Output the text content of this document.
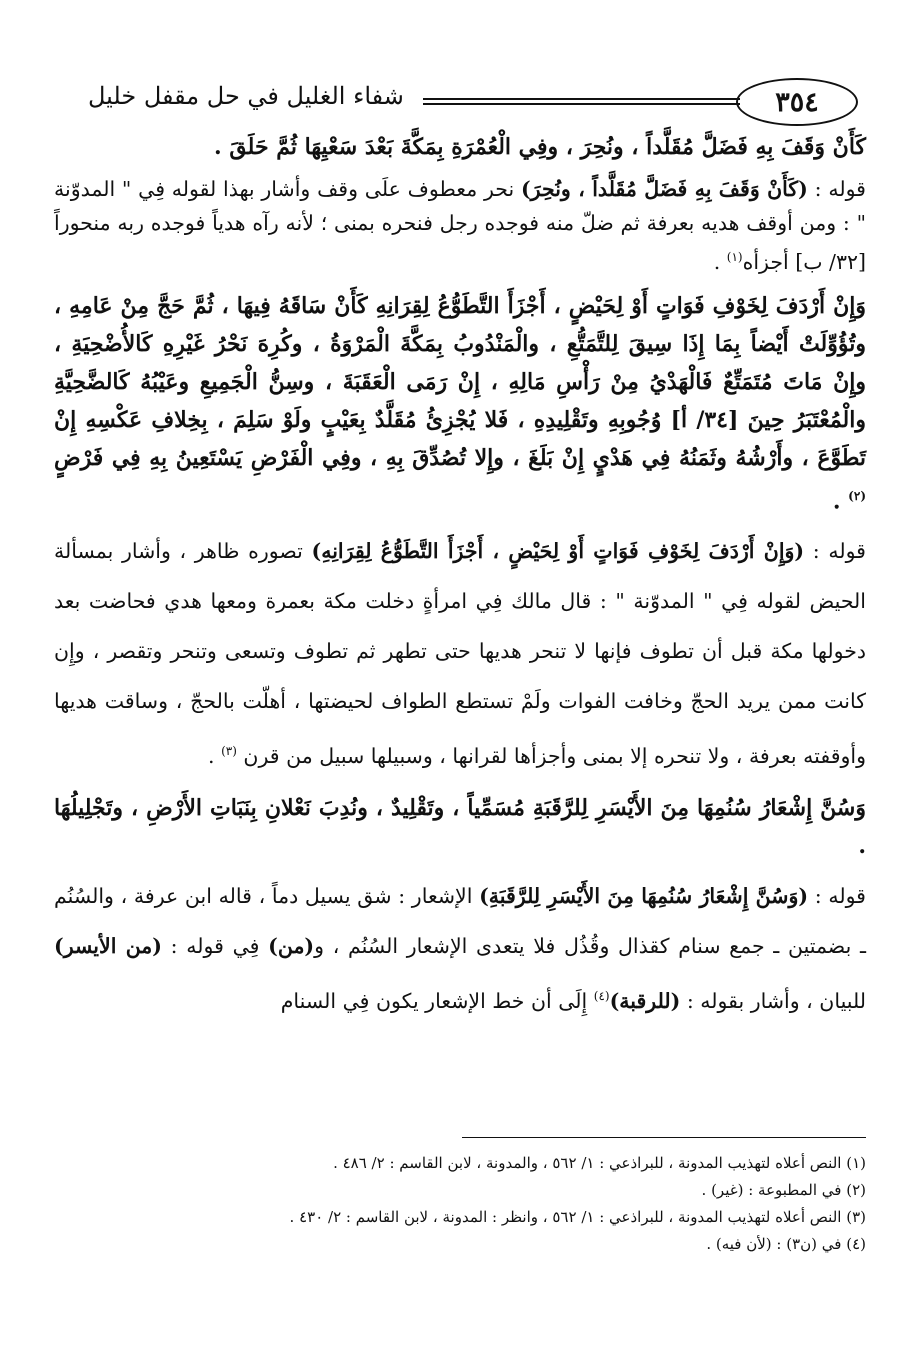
٣٥٤
شفاء الغليل في حل مقفل خليل

كَأَنْ وَقَفَ بِهِ فَضَلَّ مُقَلَّداً ، ونُحِرَ ، وفِي الْعُمْرَةِ بِمَكَّةَ بَعْدَ سَعْيِهَا ثُمَّ حَلَقَ .

قوله : (كَأَنْ وَقَفَ بِهِ فَضَلَّ مُقَلَّداً ، ونُحِرَ) نحر معطوف علَى وقف وأشار بهذا لقوله فِي " المدوّنة " : ومن أوقف هديه بعرفة ثم ضلّ منه فوجده رجل فنحره بمنى ؛ لأنه رآه هدياً فوجده ربه منحوراً [٣٢/ ب] أجزأه$^{(١)}$ .

وَإِنْ أَرْدَفَ لِخَوْفِ فَوَاتٍ أَوْ لِحَيْضٍ ، أَجْزَأَ التَّطَوُّعُ لِقِرَانِهِ كَأَنْ سَاقَهُ فِيهَا ، ثُمَّ حَجَّ مِنْ عَامِهِ ، وتُؤُوِّلَتْ أَيْضاً بِمَا إِذَا سِيقَ لِلتَّمَتُّعِ ، والْمَنْدُوبُ بِمَكَّةَ الْمَرْوَةُ ، وكُرِهَ نَحْرُ غَيْرِهِ كَالأُضْحِيَةِ ، وإِنْ مَاتَ مُتَمَتِّعٌ فَالْهَدْيُ مِنْ رَأْسِ مَالِهِ ، إِنْ رَمَى الْعَقَبَةَ ، وسِنُّ الْجَمِيعِ وعَيْبُهُ كَالضَّحِيَّةِ والْمُعْتَبَرُ حِينَ [٣٤/ أ] وُجُوبِهِ وتَقْلِيدِهِ ، فَلا يُجْزِئُ مُقَلَّدٌ بِعَيْبٍ ولَوْ سَلِمَ ، بِخِلافِ عَكْسِهِ إِنْ تَطَوَّعَ ، وأَرْشُهُ وثَمَنُهُ فِي هَدْيٍ إِنْ بَلَغَ ، وإِلا تُصُدِّقَ بِهِ ، وفِي الْفَرْضِ يَسْتَعِينُ بِهِ فِي فَرْضٍ $^{(٢)}$ .

قوله : (وَإِنْ أَرْدَفَ لِخَوْفِ فَوَاتٍ أَوْ لِحَيْضٍ ، أَجْزَأَ التَّطَوُّعُ لِقِرَانِهِ) تصوره ظاهر ، وأشار بمسألة الحيض لقوله فِي " المدوّنة " : قال مالك فِي امرأةٍ دخلت مكة بعمرة ومعها هدي فحاضت بعد دخولها مكة قبل أن تطوف فإنها لا تنحر هديها حتى تطهر ثم تطوف وتسعى وتنحر وتقصر ، وإِن كانت ممن يريد الحجّ وخافت الفوات ولَمْ تستطع الطواف لحيضتها ، أهلّت بالحجّ ، وساقت هديها وأوقفته بعرفة ، ولا تنحره إلا بمنى وأجزأها لقرانها ، وسبيلها سبيل من قرن $^{(٣)}$ .

وَسُنَّ إِشْعَارُ سُنُمِهَا مِنَ الأَيْسَرِ لِلرَّقَبَةِ مُسَمِّياً ، وتَقْلِيدٌ ، ونُدِبَ نَعْلانِ بِنَبَاتِ الأَرْضِ ، وتَجْلِيلُهَا .

قوله : (وَسُنَّ إِشْعَارُ سُنُمِهَا مِنَ الأَيْسَرِ لِلرَّقَبَةِ) الإشعار : شق يسيل دماً ، قاله ابن عرفة ، والسُنُم ـ بضمتين ـ جمع سنام كقذال وقُذُل فلا يتعدى الإشعار السُنُم ، و(من) فِي قوله : (من الأيسر) للبيان ، وأشار بقوله : (للرقبة)$^{(٤)}$ إِلَى أن خط الإشعار يكون فِي السنام

(١) النص أعلاه لتهذيب المدونة ، للبراذعي : ١/ ٥٦٢ ، والمدونة ، لابن القاسم : ٢/ ٤٨٦ .

(٢) في المطبوعة : (غير) .

(٣) النص أعلاه لتهذيب المدونة ، للبراذعي : ١/ ٥٦٢ ، وانظر : المدونة ، لابن القاسم : ٢/ ٤٣٠ .

(٤) في (ن٣) : (لأن فيه) .
